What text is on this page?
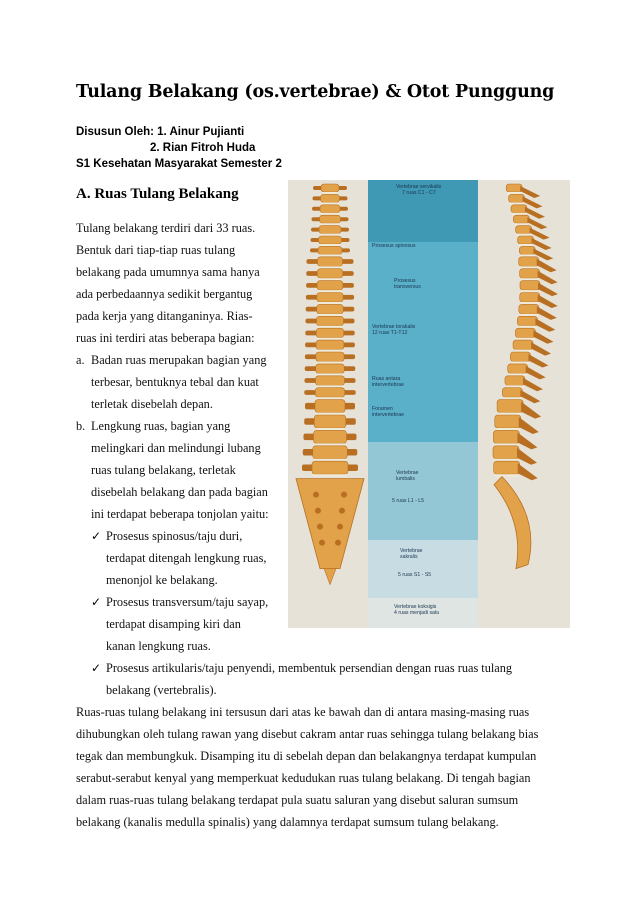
Tulang Belakang (os.vertebrae) & Otot Punggung
Disusun Oleh: 1. Ainur Pujianti
2. Rian Fitroh Huda
S1 Kesehatan Masyarakat Semester 2
A. Ruas Tulang Belakang
Tulang belakang terdiri dari 33 ruas.
Bentuk dari tiap-tiap ruas tulang
belakang pada umumnya sama hanya
ada perbedaannya sedikit bergantug
pada kerja yang ditanganinya. Rias-
ruas ini terdiri atas beberapa bagian:
a. Badan ruas merupakan bagian yang
terbesar, bentuknya tebal dan kuat
terletak disebelah depan.
b. Lengkung ruas, bagian yang
melingkari dan melindungi lubang
ruas tulang belakang, terletak
disebelah belakang dan pada bagian
ini terdapat beberapa tonjolan yaitu:
✓ Prosesus spinosus/taju duri,
terdapat ditengah lengkung ruas,
menonjol ke belakang.
✓ Prosesus transversum/taju sayap,
terdapat disamping kiri dan
kanan lengkung ruas.
✓ Prosesus artikularis/taju penyendi, membentuk persendian dengan ruas ruas tulang
belakang (vertebralis).
Ruas-ruas tulang belakang ini tersusun dari atas ke bawah dan di antara masing-masing ruas
dihubungkan oleh tulang rawan yang disebut cakram antar ruas sehingga tulang belakang bias
tegak dan membungkuk. Disamping itu di sebelah depan dan belakangnya terdapat kumpulan
serabut-serabut kenyal yang memperkuat kedudukan ruas tulang belakang. Di tengah bagian
dalam ruas-ruas tulang belakang terdapat pula suatu saluran yang disebut saluran sumsum
belakang (kanalis medulla spinalis) yang dalamnya terdapat sumsum tulang belakang.
Vertebrae servikalis
7 ruas C1 - C7
Prosesus spinosus
Prosesus
transversus
Vertebrae torakalis
12 ruas T1-T12
Ruas antara
intervertebrae
Foramen
intervertebrae
Vertebrae
lumbalis
5 ruas L1 - L5
Vertebrae
sakralis
5 ruas S1 - S5
Vertebrae koksigis
4 ruas menjadi satu
